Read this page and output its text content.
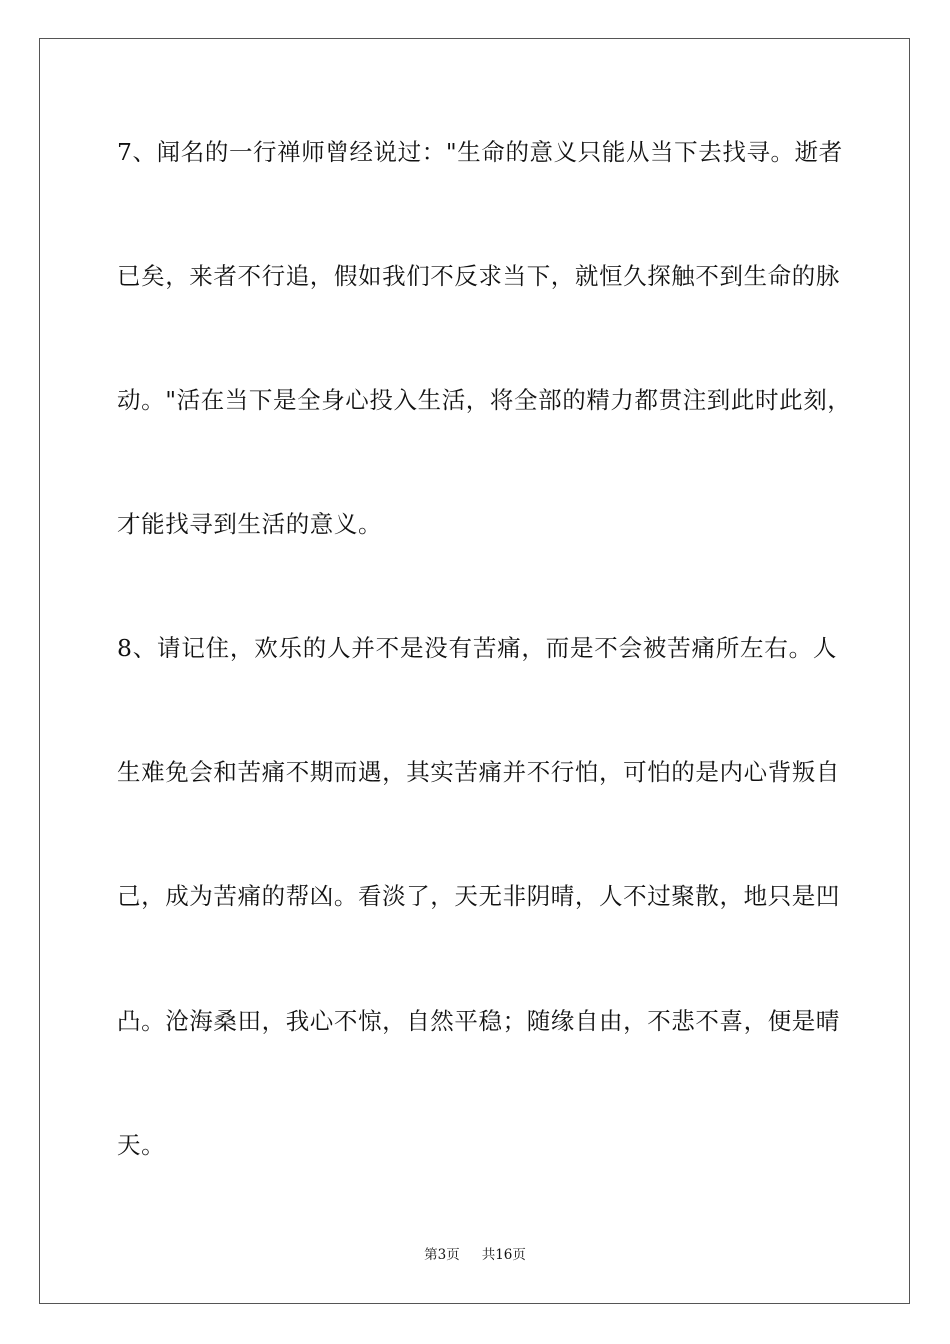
7、闻名的一行禅师曾经说过："生命的意义只能从当下去找寻。逝者
已矣，来者不行追，假如我们不反求当下，就恒久探触不到生命的脉
动。"活在当下是全身心投入生活，将全部的精力都贯注到此时此刻，
才能找寻到生活的意义。
8、请记住，欢乐的人并不是没有苦痛，而是不会被苦痛所左右。人
生难免会和苦痛不期而遇，其实苦痛并不行怕，可怕的是内心背叛自
己，成为苦痛的帮凶。看淡了，天无非阴晴，人不过聚散，地只是凹
凸。沧海桑田，我心不惊，自然平稳；随缘自由，不悲不喜，便是晴
天。
第3页 共16页
